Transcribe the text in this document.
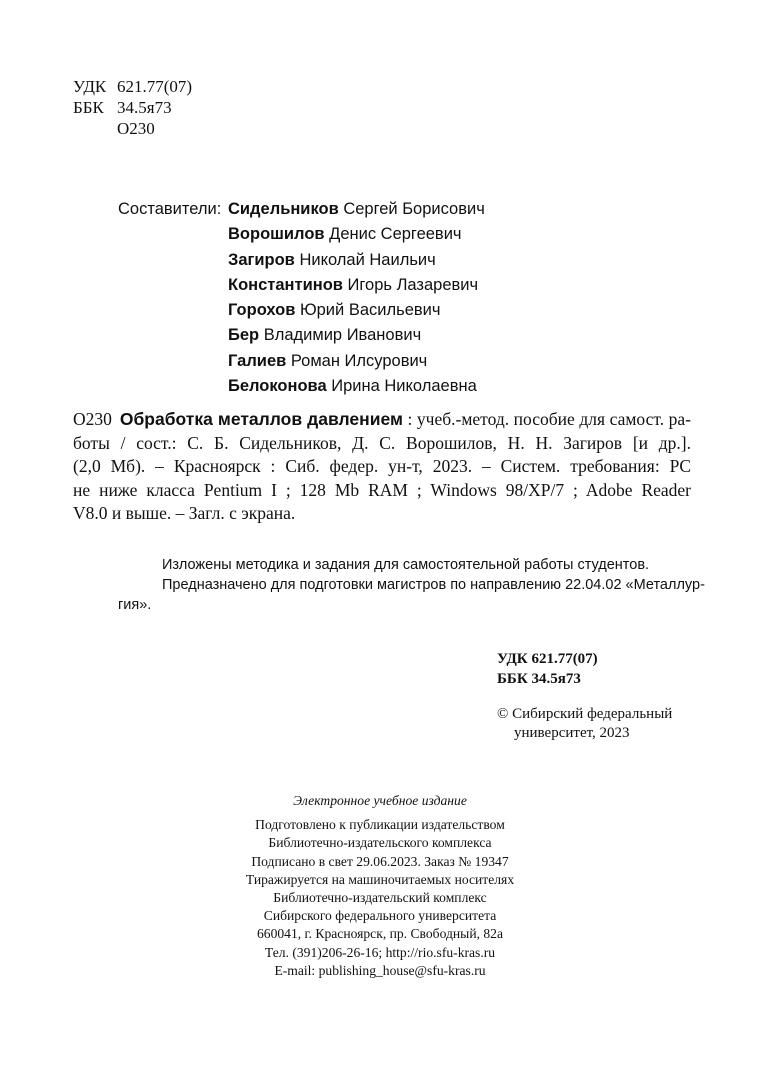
УДК 621.77(07)
ББК 34.5я73
О230
Составители: Сидельников Сергей Борисович
Ворошилов Денис Сергеевич
Загиров Николай Наильич
Константинов Игорь Лазаревич
Горохов Юрий Васильевич
Бер Владимир Иванович
Галиев Роман Илсурович
Белоконова Ирина Николаевна
О230 Обработка металлов давлением : учеб.-метод. пособие для самост. ра-
боты / сост.: С. Б. Сидельников, Д. С. Ворошилов, Н. Н. Загиров [и др.].
(2,0 Мб). – Красноярск : Сиб. федер. ун-т, 2023. – Систем. требования: PC
не ниже класса Pentium I ; 128 Mb RAM ; Windows 98/XP/7 ; Adobe Reader
V8.0 и выше. – Загл. с экрана.
Изложены методика и задания для самостоятельной работы студентов.
Предназначено для подготовки магистров по направлению 22.04.02 «Металлур-
гия».
УДК 621.77(07)
ББК 34.5я73
© Сибирский федеральный
университет, 2023
Электронное учебное издание
Подготовлено к публикации издательством
Библиотечно-издательского комплекса
Подписано в свет 29.06.2023. Заказ № 19347
Тиражируется на машиночитаемых носителях
Библиотечно-издательский комплекс
Сибирского федерального университета
660041, г. Красноярск, пр. Свободный, 82а
Тел. (391)206-26-16; http://rio.sfu-kras.ru
E-mail: publishing_house@sfu-kras.ru
